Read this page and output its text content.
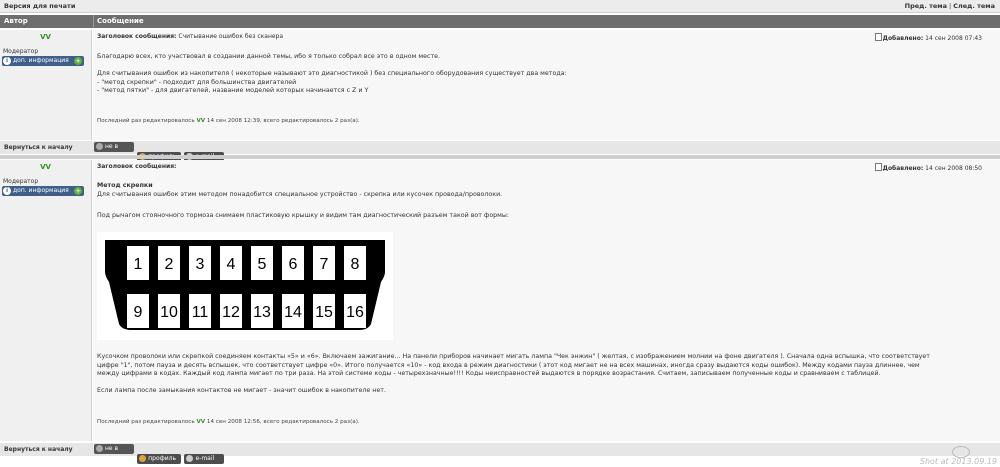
Версия для печати	Пред. тема | След. тема
Автор	Сообщение
VV
Модератор
i доп. информация +
Заголовок сообщения: Считывание ошибок без сканера	Добавлено: 14 сен 2008 07:43

Благодарю всех, кто участвовал в создании данной темы, ибо я только собрал все это в одном месте.

Для считывания ошибок из накопителя ( некоторые называют это диагностикой ) без специального оборудования существует два метода:

- "метод скрепки" - подходит для большинства двигателей

- "метод пятки" - для двигателей, название моделей которых начинается с Z и Y

Последний раз редактировалось VV 14 сен 2008 12:39, всего редактировалось 2 раз(а).
Вернуться к началу	не в

VV
Модератор
i доп. информация +
Заголовок сообщения:	Добавлено: 14 сен 2008 08:50

Метод скрепки

Для считывания ошибок этим методом понадобится специальное устройство - скрепка или кусочек провода/проволоки.

Под рычагом стояночного тормоза снимаем пластиковую крышку и видим там диагностический разъем такой вот формы:

1 2 3 4 5 6 7 8
9 10 11 12 13 14 15 16

Кусочком проволоки или скрепкой соединяем контакты «5» и «6». Включаем зажигание... На панели приборов начинает мигать лампа "Чек энжин" ( желтая, с изображением молнии на фоне двигателя ). Сначала одна вспышка, что соответствует

цифре "1", потом пауза и десять вспышек, что соответствует цифре «0». Итого получается «10» - код входа в режим диагностики ( этот код мигает не на всех машинах, иногда сразу выдаются коды ошибок). Между кодами пауза длиннее, чем

между цифрами в кодах. Каждый код лампа мигает по три раза. На этой системе коды - четырехзначные!!!! Коды неисправностей выдаются в порядке возрастания. Считаем, записываем полученные коды и сравниваем с таблицей.

Если лампа после замыкания контактов не мигает - значит ошибок в накопителе нет.

Последний раз редактировалось VV 14 сен 2008 12:56, всего редактировалось 2 раз(а).
Вернуться к началу	не в сети	профиль	e-mail	Shot at 2013.09.19
